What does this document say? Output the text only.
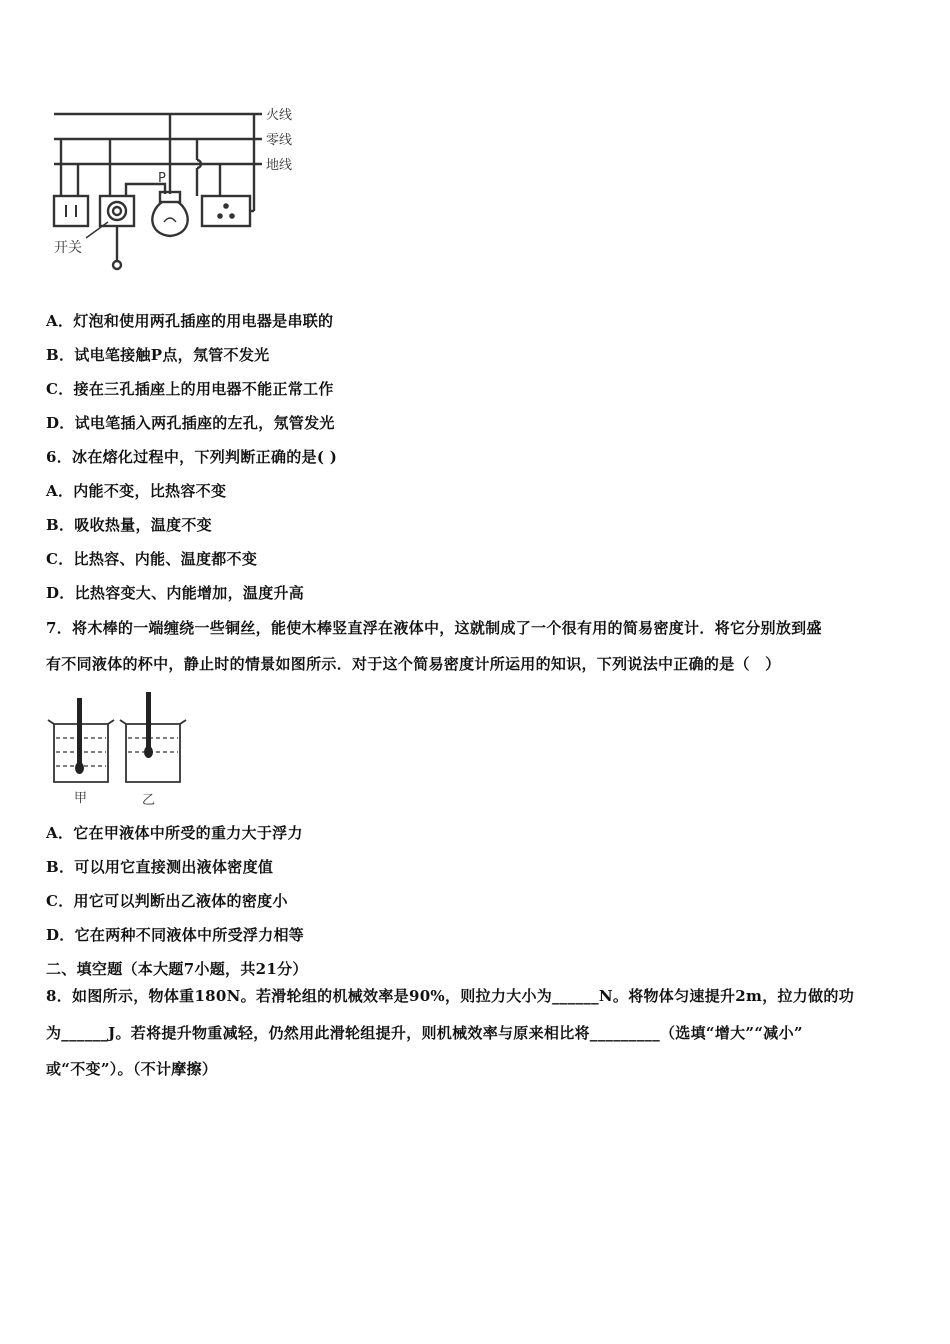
火线
零线
地线
P
开关
A．灯泡和使用两孔插座的用电器是串联的
B．试电笔接触P点，氖管不发光
C．接在三孔插座上的用电器不能正常工作
D．试电笔插入两孔插座的左孔，氖管发光
6．冰在熔化过程中，下列判断正确的是( )
A．内能不变，比热容不变
B．吸收热量，温度不变
C．比热容、内能、温度都不变
D．比热容变大、内能增加，温度升高
7．将木棒的一端缠绕一些铜丝，能使木棒竖直浮在液体中，这就制成了一个很有用的简易密度计．将它分别放到盛
有不同液体的杯中，静止时的情景如图所示．对于这个简易密度计所运用的知识，下列说法中正确的是（　）
甲	乙
A．它在甲液体中所受的重力大于浮力
B．可以用它直接测出液体密度值
C．用它可以判断出乙液体的密度小
D．它在两种不同液体中所受浮力相等
二、填空题（本大题7小题，共21分）
8．如图所示，物体重180N。若滑轮组的机械效率是90%，则拉力大小为______N。将物体匀速提升2m，拉力做的功
为______J。若将提升物重减轻，仍然用此滑轮组提升，则机械效率与原来相比将_________（选填“增大”“减小”
或“不变”）。（不计摩擦）
